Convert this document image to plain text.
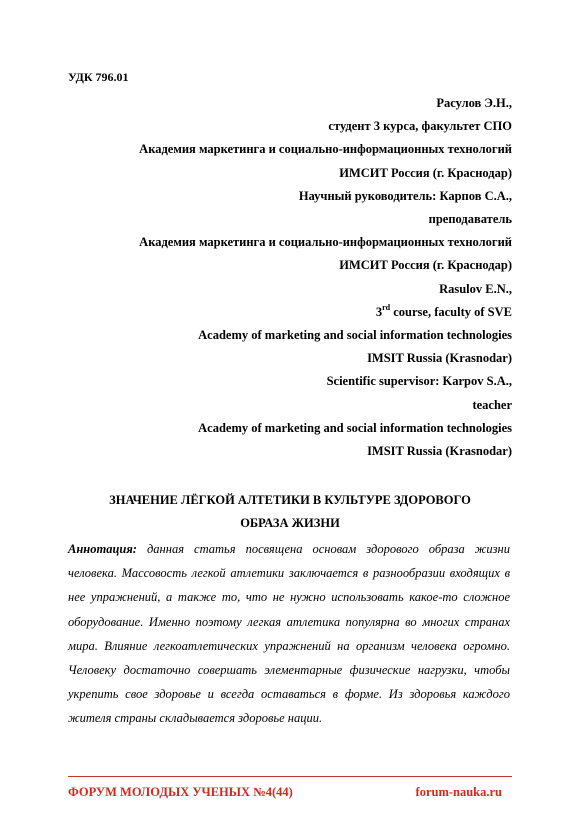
УДК 796.01
Расулов Э.Н.,
студент 3 курса, факультет СПО
Академия маркетинга и социально-информационных технологий
ИМСИТ Россия (г. Краснодар)
Научный руководитель: Карпов С.А.,
преподаватель
Академия маркетинга и социально-информационных технологий
ИМСИТ Россия (г. Краснодар)
Rasulov E.N.,
3rd course, faculty of SVE
Academy of marketing and social information technologies
IMSIT Russia (Krasnodar)
Scientific supervisor: Karpov S.A.,
teacher
Academy of marketing and social information technologies
IMSIT Russia (Krasnodar)
ЗНАЧЕНИЕ ЛЁГКОЙ АЛТЕТИКИ В КУЛЬТУРЕ ЗДОРОВОГО
ОБРАЗА ЖИЗНИ
Аннотация: данная статья посвящена основам здорового образа жизни человека. Массовость легкой атлетики заключается в разнообразии входящих в нее упражнений, а также то, что не нужно использовать какое-то сложное оборудование. Именно поэтому легкая атлетика популярна во многих странах мира. Влияние легкоатлетических упражнений на организм человека огромно. Человеку достаточно совершать элементарные физические нагрузки, чтобы укрепить свое здоровье и всегда оставаться в форме. Из здоровья каждого жителя страны складывается здоровье нации.
ФОРУМ МОЛОДЫХ УЧЕНЫХ №4(44)	forum-nauka.ru
